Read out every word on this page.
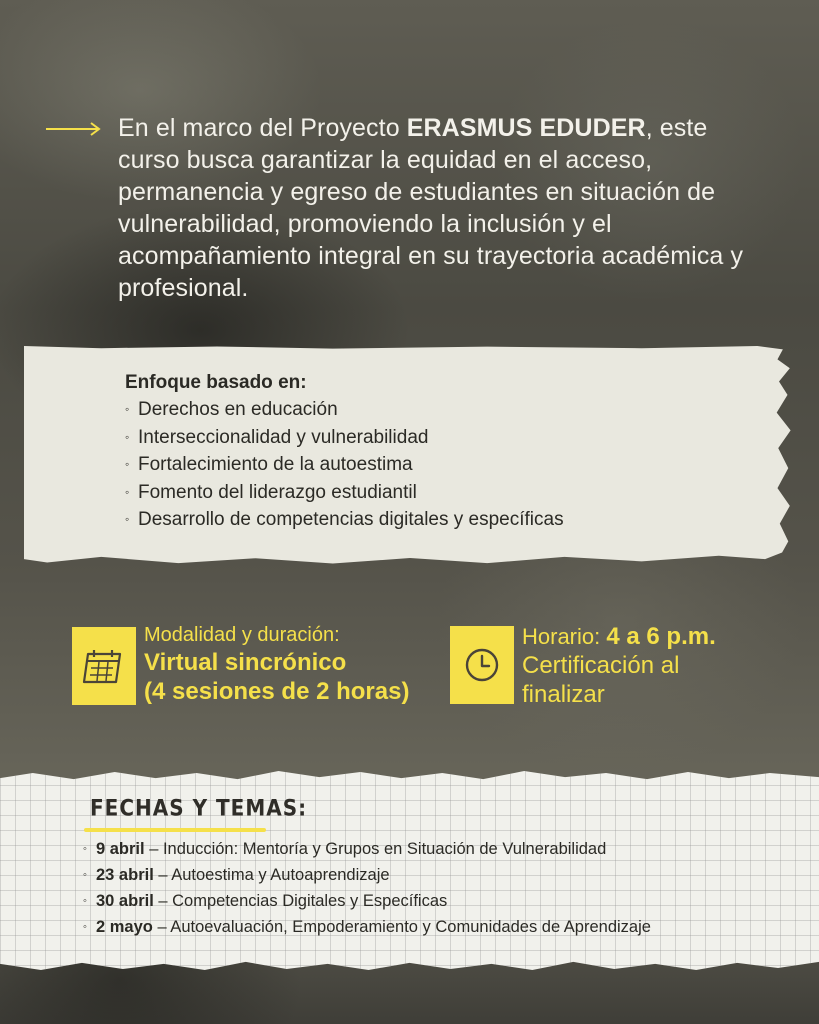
En el marco del Proyecto ERASMUS EDUDER, este curso busca garantizar la equidad en el acceso, permanencia y egreso de estudiantes en situación de vulnerabilidad, promoviendo la inclusión y el acompañamiento integral en su trayectoria académica y profesional.
Enfoque basado en:
◦ Derechos en educación
◦ Interseccionalidad y vulnerabilidad
◦ Fortalecimiento de la autoestima
◦ Fomento del liderazgo estudiantil
◦ Desarrollo de competencias digitales y específicas
Modalidad y duración:
Virtual sincrónico
(4 sesiones de 2 horas)
Horario: 4 a 6 p.m.
Certificación al
finalizar
FECHAS Y TEMAS:
◦ 9 abril – Inducción: Mentoría y Grupos en Situación de Vulnerabilidad
◦ 23 abril – Autoestima y Autoaprendizaje
◦ 30 abril – Competencias Digitales y Específicas
◦ 2 mayo – Autoevaluación, Empoderamiento y Comunidades de Aprendizaje
